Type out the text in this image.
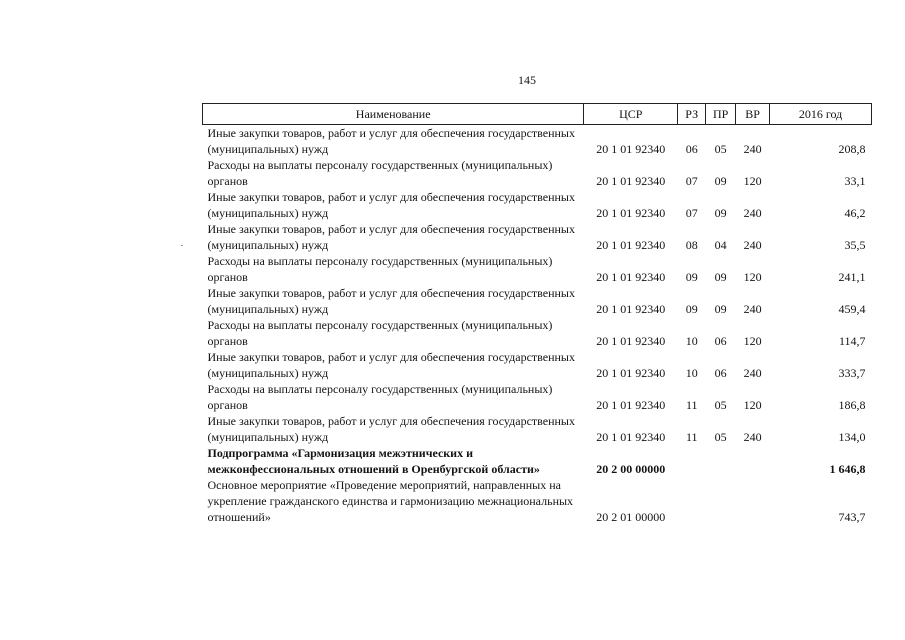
145
Наименование	ЦСР	РЗ	ПР	ВР	2016 год
Иные закупки товаров, работ и услуг для обеспечения государственных (муниципальных) нужд	20 1 01 92340	06	05	240	208,8
Расходы на выплаты персоналу государственных (муниципальных) органов	20 1 01 92340	07	09	120	33,1
Иные закупки товаров, работ и услуг для обеспечения государственных (муниципальных) нужд	20 1 01 92340	07	09	240	46,2
Иные закупки товаров, работ и услуг для обеспечения государственных (муниципальных) нужд	20 1 01 92340	08	04	240	35,5
Расходы на выплаты персоналу государственных (муниципальных) органов	20 1 01 92340	09	09	120	241,1
Иные закупки товаров, работ и услуг для обеспечения государственных (муниципальных) нужд	20 1 01 92340	09	09	240	459,4
Расходы на выплаты персоналу государственных (муниципальных) органов	20 1 01 92340	10	06	120	114,7
Иные закупки товаров, работ и услуг для обеспечения государственных (муниципальных) нужд	20 1 01 92340	10	06	240	333,7
Расходы на выплаты персоналу государственных (муниципальных) органов	20 1 01 92340	11	05	120	186,8
Иные закупки товаров, работ и услуг для обеспечения государственных (муниципальных) нужд	20 1 01 92340	11	05	240	134,0
Подпрограмма «Гармонизация межэтнических и межконфессиональных отношений в Оренбургской области»	20 2 00 00000				1 646,8
Основное мероприятие «Проведение мероприятий, направленных на укрепление гражданского единства и гармонизацию межнациональных отношений»	20 2 01 00000				743,7
